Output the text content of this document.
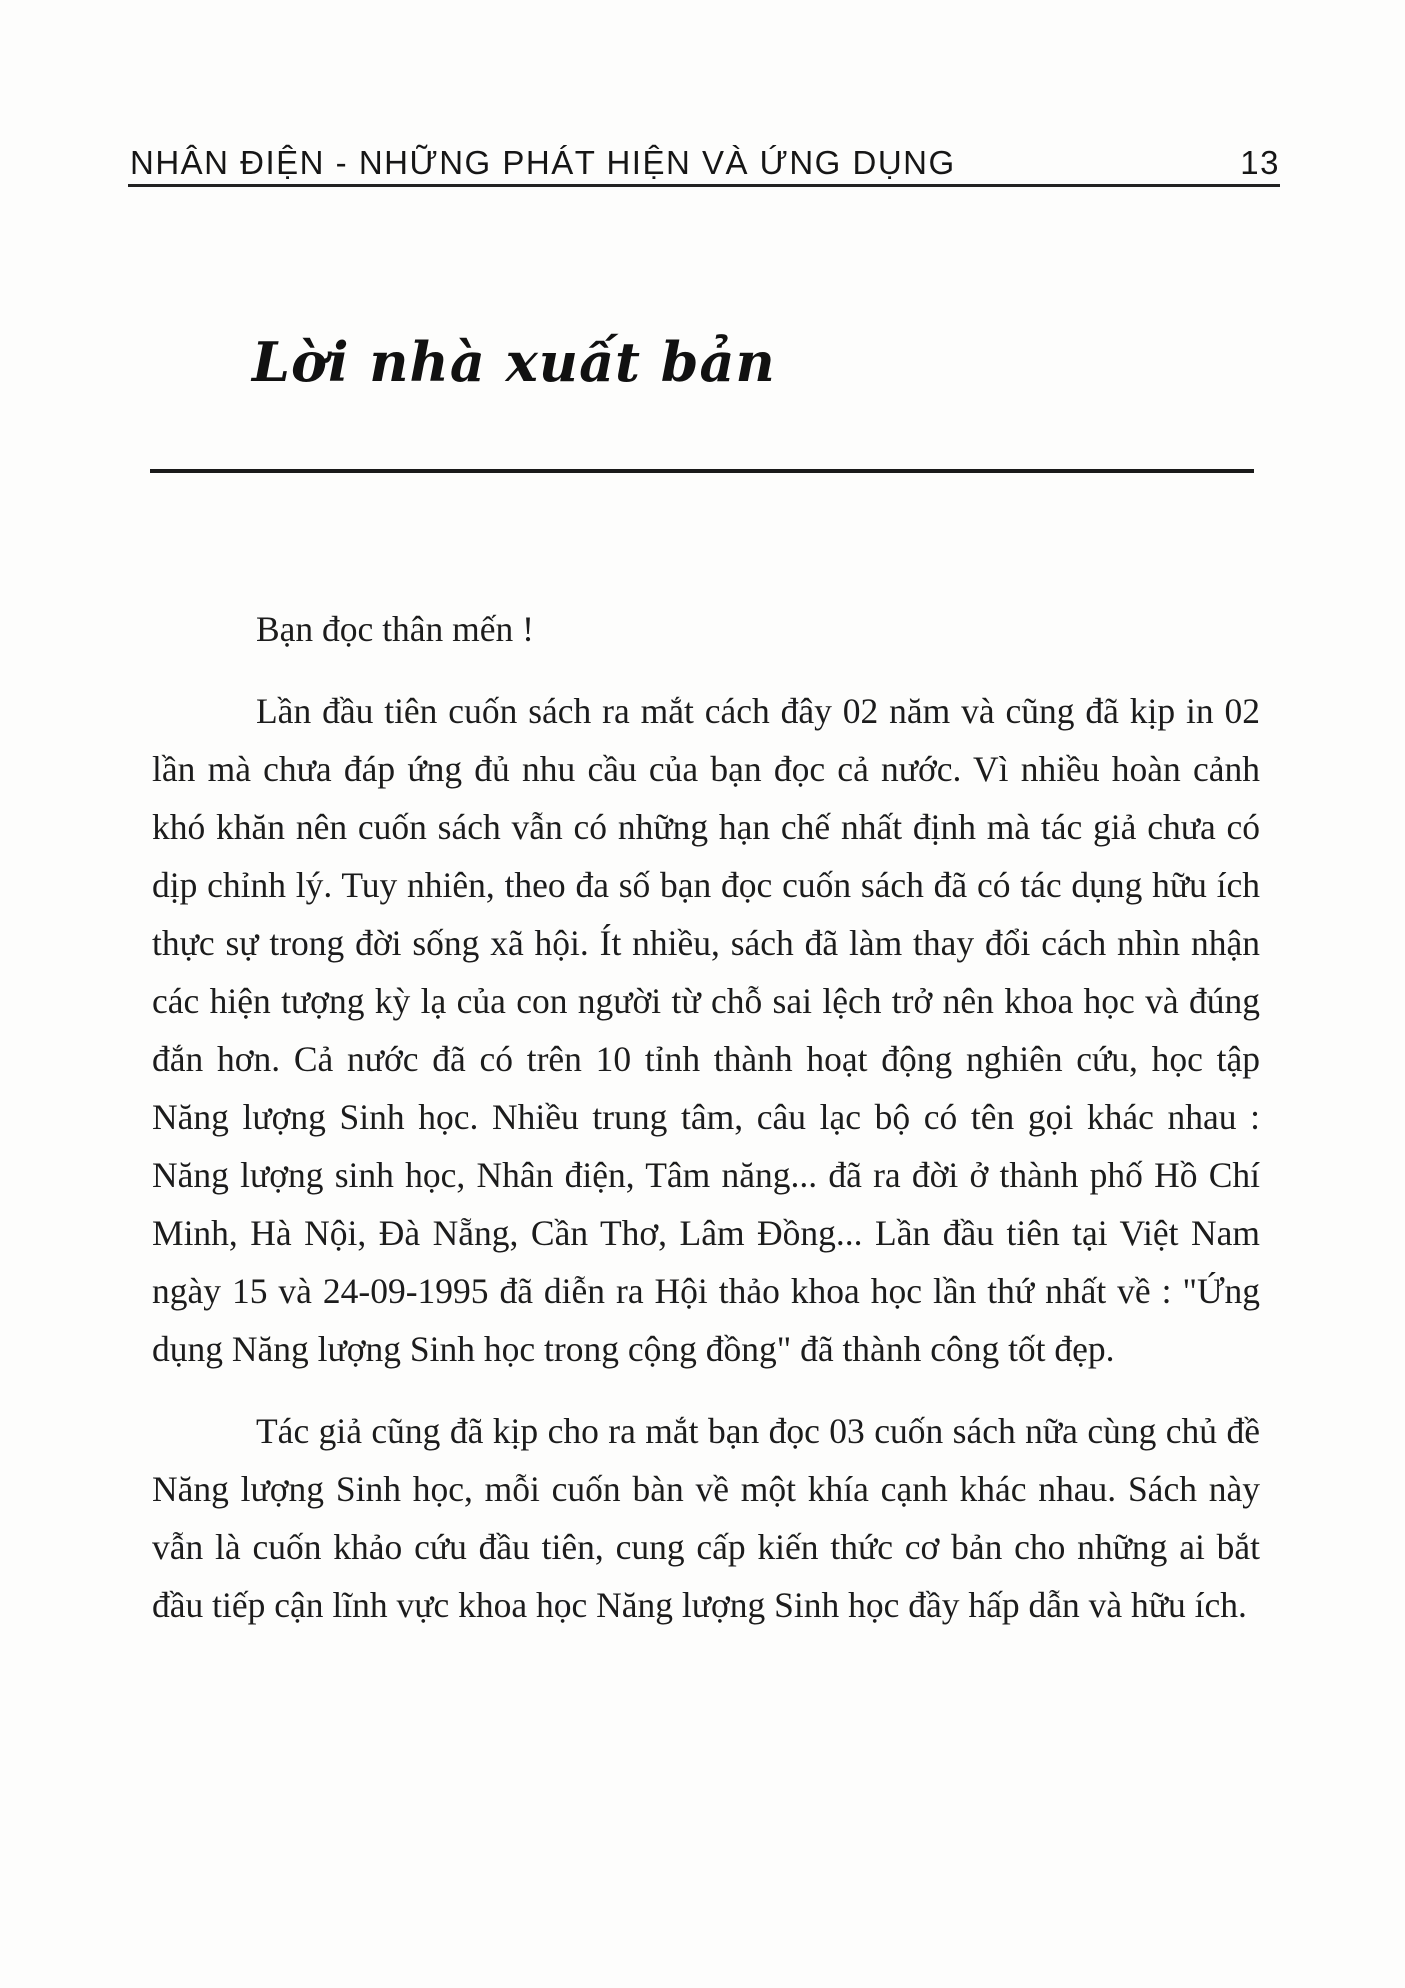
NHÂN ĐIỆN - NHỮNG PHÁT HIỆN VÀ ỨNG DỤNG	13
Lời nhà xuất bản

Bạn đọc thân mến !

Lần đầu tiên cuốn sách ra mắt cách đây 02 năm và cũng đã kịp in 02 lần mà chưa đáp ứng đủ nhu cầu của bạn đọc cả nước. Vì nhiều hoàn cảnh khó khăn nên cuốn sách vẫn có những hạn chế nhất định mà tác giả chưa có dịp chỉnh lý. Tuy nhiên, theo đa số bạn đọc cuốn sách đã có tác dụng hữu ích thực sự trong đời sống xã hội. Ít nhiều, sách đã làm thay đổi cách nhìn nhận các hiện tượng kỳ lạ của con người từ chỗ sai lệch trở nên khoa học và đúng đắn hơn. Cả nước đã có trên 10 tỉnh thành hoạt động nghiên cứu, học tập Năng lượng Sinh học. Nhiều trung tâm, câu lạc bộ có tên gọi khác nhau : Năng lượng sinh học, Nhân điện, Tâm năng... đã ra đời ở thành phố Hồ Chí Minh, Hà Nội, Đà Nẵng, Cần Thơ, Lâm Đồng... Lần đầu tiên tại Việt Nam ngày 15 và 24-09-1995 đã diễn ra Hội thảo khoa học lần thứ nhất về : "Ứng dụng Năng lượng Sinh học trong cộng đồng" đã thành công tốt đẹp.

Tác giả cũng đã kịp cho ra mắt bạn đọc 03 cuốn sách nữa cùng chủ đề Năng lượng Sinh học, mỗi cuốn bàn về một khía cạnh khác nhau. Sách này vẫn là cuốn khảo cứu đầu tiên, cung cấp kiến thức cơ bản cho những ai bắt đầu tiếp cận lĩnh vực khoa học Năng lượng Sinh học đầy hấp dẫn và hữu ích.
